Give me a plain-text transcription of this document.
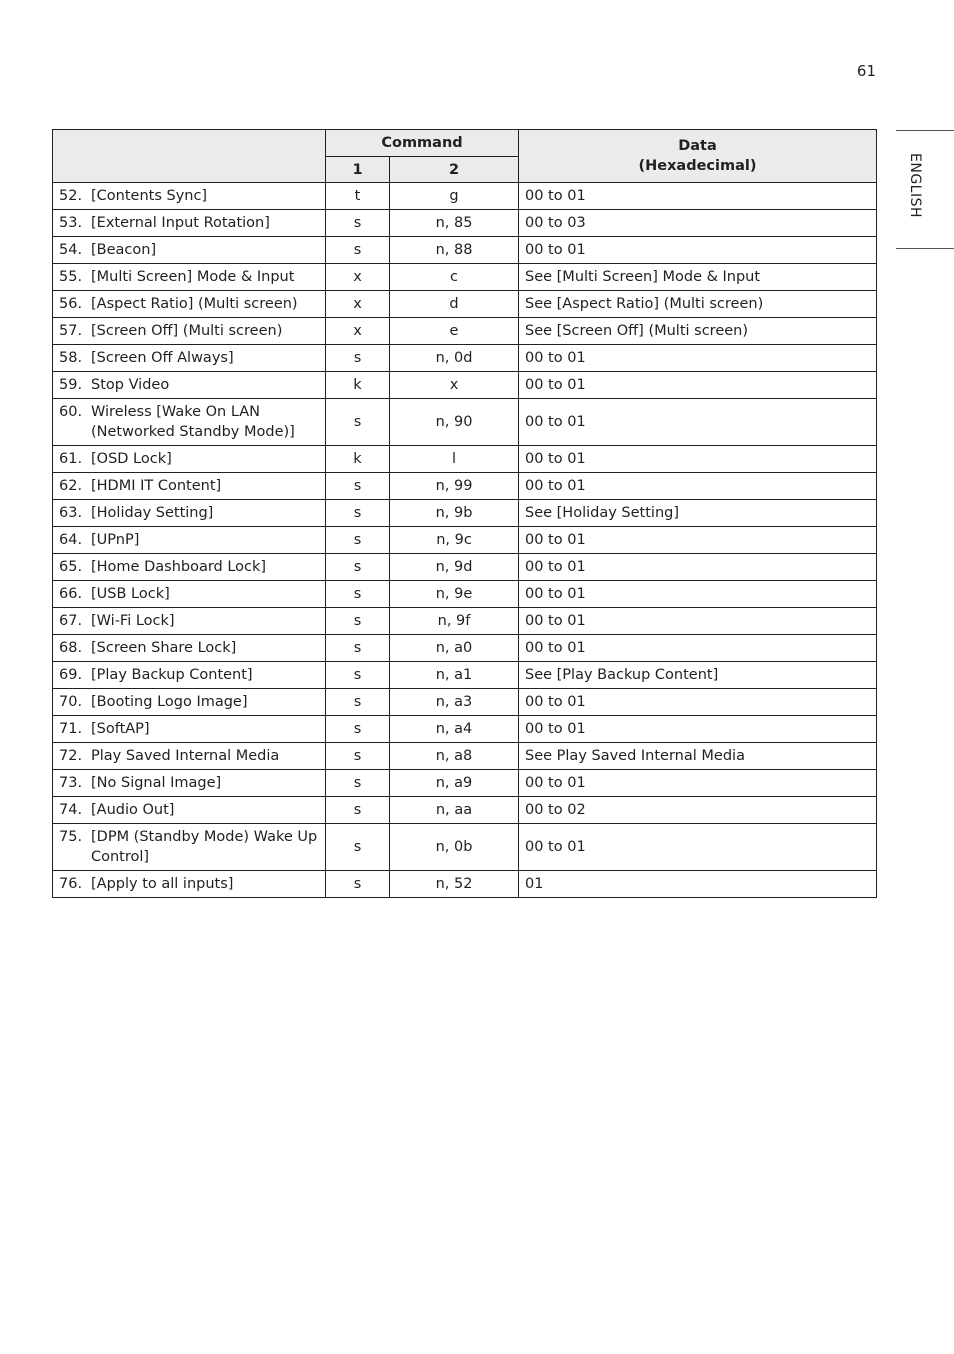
61
ENGLISH
	Command		Data
(Hexadecimal)

	1	2	

52. [Contents Sync]	t	g	00 to 01

53. [External Input Rotation]	s	n, 85	00 to 03

54. [Beacon]	s	n, 88	00 to 01

55. [Multi Screen] Mode & Input	x	c	See [Multi Screen] Mode & Input

56. [Aspect Ratio] (Multi screen)	x	d	See [Aspect Ratio] (Multi screen)

57. [Screen Off] (Multi screen)	x	e	See [Screen Off] (Multi screen)

58. [Screen Off Always]	s	n, 0d	00 to 01

59. Stop Video	k	x	00 to 01

60. Wireless [Wake On LAN (Networked Standby Mode)]	s	n, 90	00 to 01

61. [OSD Lock]	k	l	00 to 01

62. [HDMI IT Content]	s	n, 99	00 to 01

63. [Holiday Setting]	s	n, 9b	See [Holiday Setting]

64. [UPnP]	s	n, 9c	00 to 01

65. [Home Dashboard Lock]	s	n, 9d	00 to 01

66. [USB Lock]	s	n, 9e	00 to 01

67. [Wi-Fi Lock]	s	n, 9f	00 to 01

68. [Screen Share Lock]	s	n, a0	00 to 01

69. [Play Backup Content]	s	n, a1	See [Play Backup Content]

70. [Booting Logo Image]	s	n, a3	00 to 01

71. [SoftAP]	s	n, a4	00 to 01

72. Play Saved Internal Media	s	n, a8	See Play Saved Internal Media

73. [No Signal Image]	s	n, a9	00 to 01

74. [Audio Out]	s	n, aa	00 to 02

75. [DPM (Standby Mode) Wake Up Control]	s	n, 0b	00 to 01

76. [Apply to all inputs]	s	n, 52	01
